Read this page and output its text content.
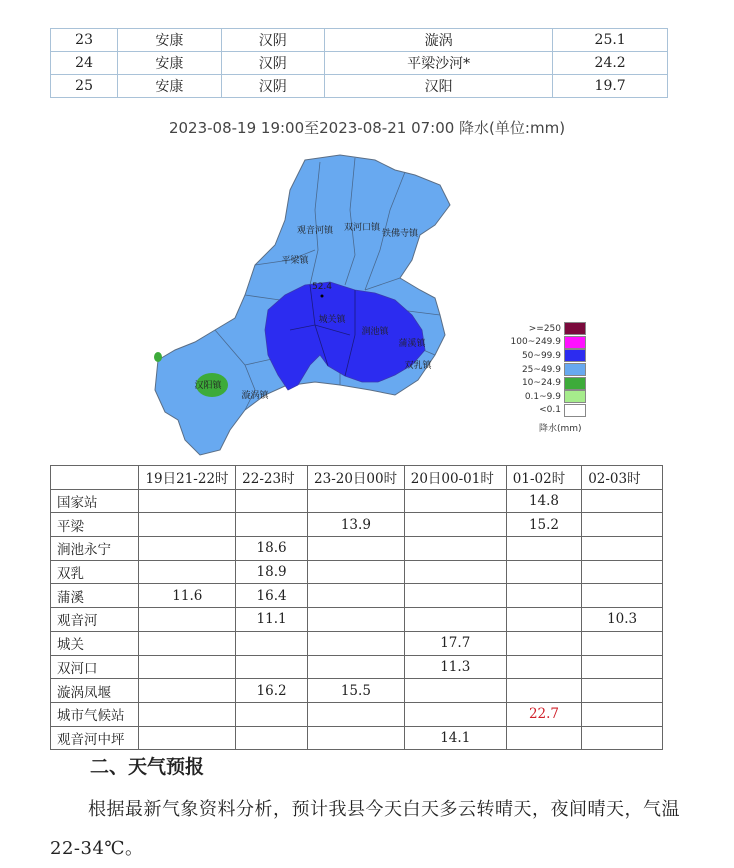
23	安康	汉阴	漩涡	25.1
24	安康	汉阴	平梁沙河*	24.2
25	安康	汉阴	汉阳	19.7
2023-08-19 19:00至2023-08-21 07:00 降水(单位:mm)
52.4
观音河镇 双河口镇
铁佛寺镇
平梁镇
城关镇
涧池镇
蒲溪镇
双乳镇
汉阳镇
漩涡镇
>=250
100~249.9
50~99.9
25~49.9
10~24.9
0.1~9.9
<0.1
降水(mm)
	19日21-22时	22-23时	23-20日00时	20日00-01时	01-02时	02-03时
国家站					14.8	
平梁			13.9		15.2	
涧池永宁		18.6				
双乳		18.9				
蒲溪	11.6	16.4				
观音河		11.1				10.3
城关				17.7		
双河口				11.3		
漩涡凤堰		16.2	15.5			
城市气候站					22.7	
观音河中坪				14.1		
二、天气预报
根据最新气象资料分析，预计我县今天白天多云转晴天，夜间晴天，气温22-34℃。
